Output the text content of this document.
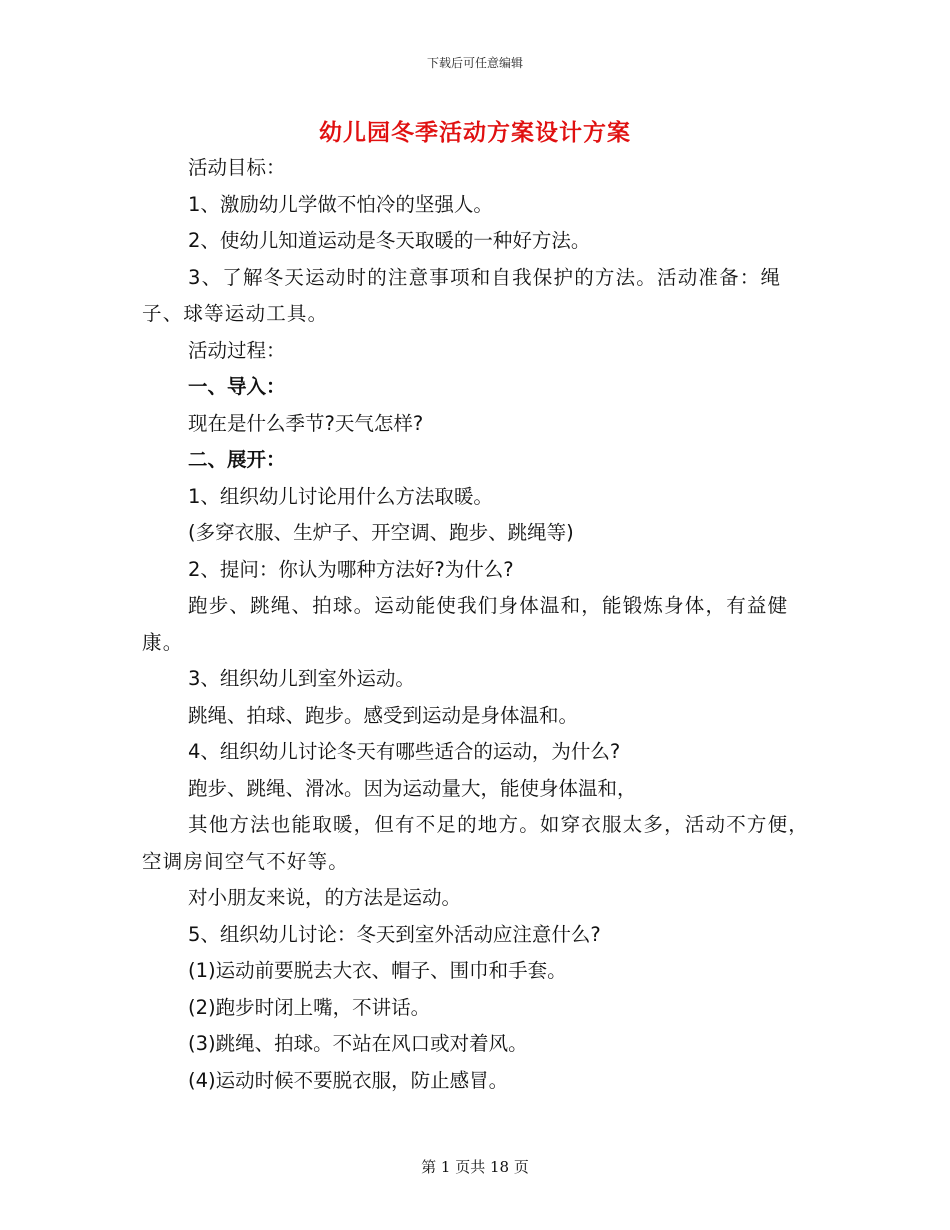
下载后可任意编辑
幼儿园冬季活动方案设计方案

活动目标：

1、激励幼儿学做不怕冷的坚强人。

2、使幼儿知道运动是冬天取暖的一种好方法。

3、了解冬天运动时的注意事项和自我保护的方法。活动准备：绳子、球等运动工具。

活动过程：

一、导入：

现在是什么季节?天气怎样?

二、展开：

1、组织幼儿讨论用什么方法取暖。

(多穿衣服、生炉子、开空调、跑步、跳绳等)

2、提问：你认为哪种方法好?为什么?

跑步、跳绳、拍球。运动能使我们身体温和，能锻炼身体，有益健康。

3、组织幼儿到室外运动。

跳绳、拍球、跑步。感受到运动是身体温和。

4、组织幼儿讨论冬天有哪些适合的运动，为什么?

跑步、跳绳、滑冰。因为运动量大，能使身体温和，

其他方法也能取暖，但有不足的地方。如穿衣服太多，活动不方便，空调房间空气不好等。

对小朋友来说，的方法是运动。

5、组织幼儿讨论：冬天到室外活动应注意什么?

(1)运动前要脱去大衣、帽子、围巾和手套。

(2)跑步时闭上嘴，不讲话。

(3)跳绳、拍球。不站在风口或对着风。

(4)运动时候不要脱衣服，防止感冒。

第 1 页共 18 页
